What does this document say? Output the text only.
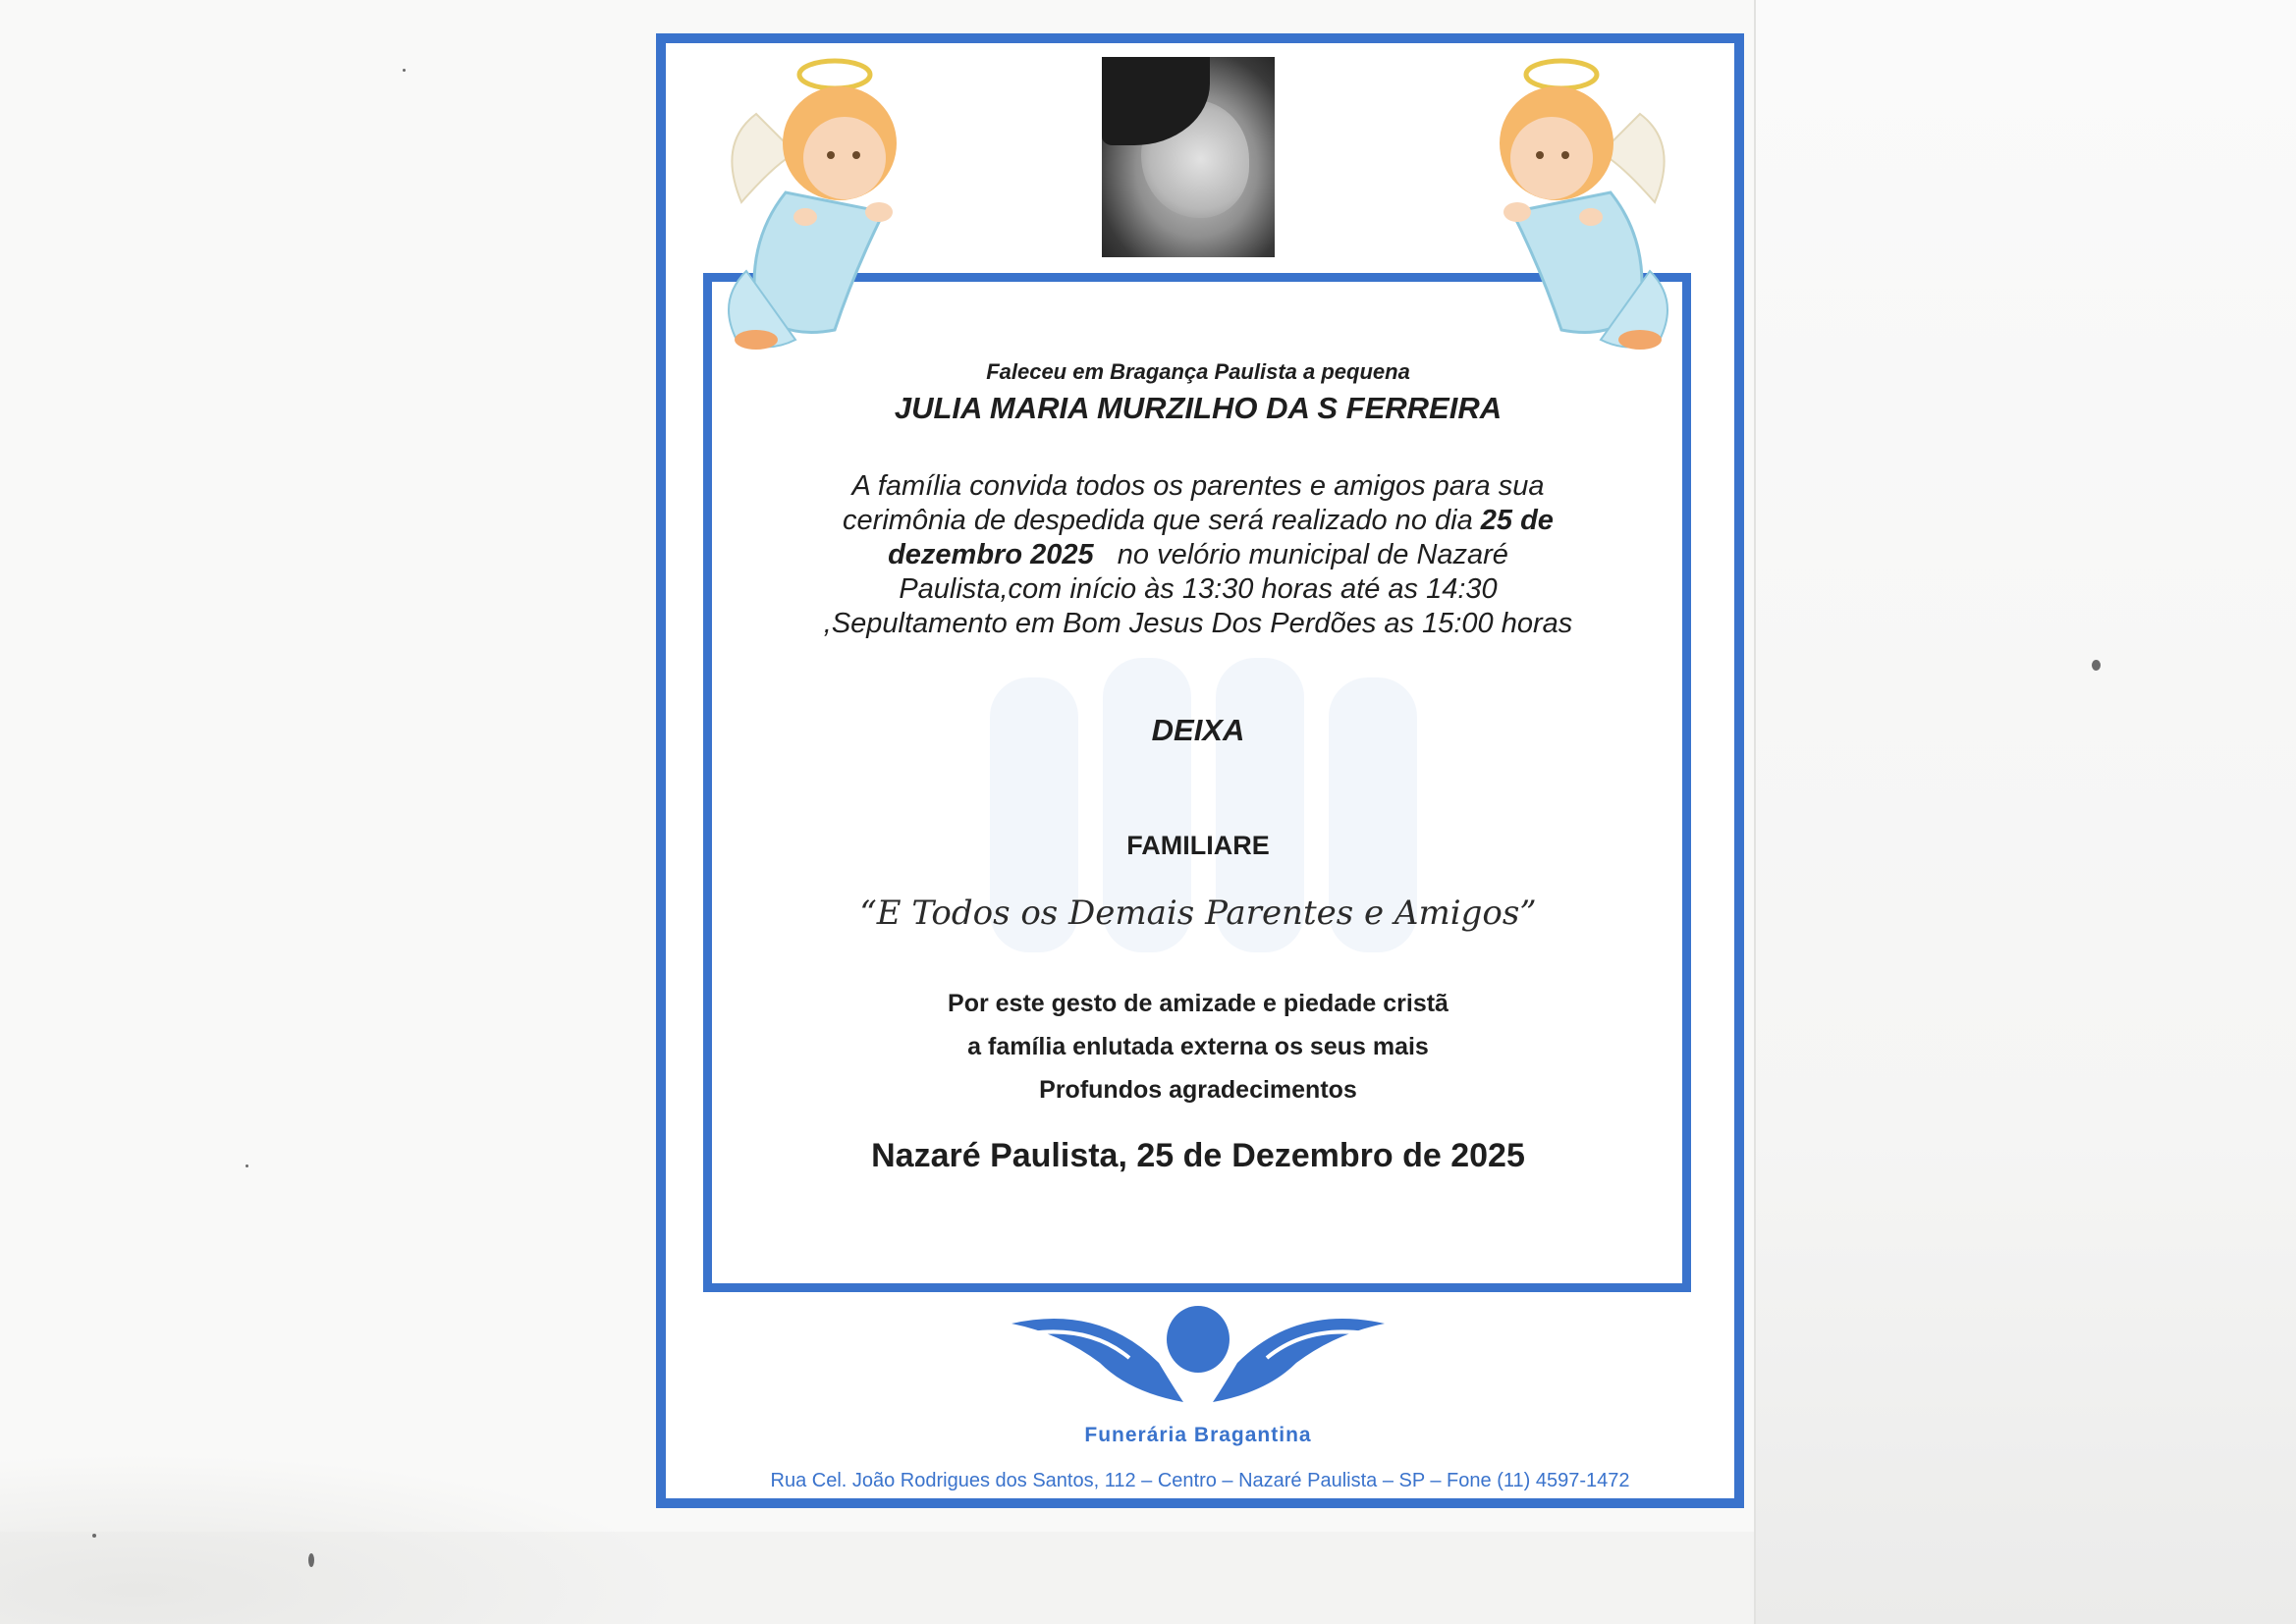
Faleceu em Bragança Paulista a pequena
JULIA MARIA MURZILHO DA S FERREIRA
A família convida todos os parentes e amigos para sua
cerimônia de despedida que será realizado no dia 25 de
dezembro 2025   no velório municipal de Nazaré
Paulista,com início às 13:30 horas até as 14:30
,Sepultamento em Bom Jesus Dos Perdões as 15:00 horas
DEIXA
FAMILIARE
“E Todos os Demais Parentes e Amigos”
Por este gesto de amizade e piedade cristã
a família enlutada externa os seus mais
Profundos agradecimentos
Nazaré Paulista, 25 de Dezembro de 2025
Funerária Bragantina
Rua Cel. João Rodrigues dos Santos, 112 – Centro – Nazaré Paulista – SP – Fone (11) 4597-1472
